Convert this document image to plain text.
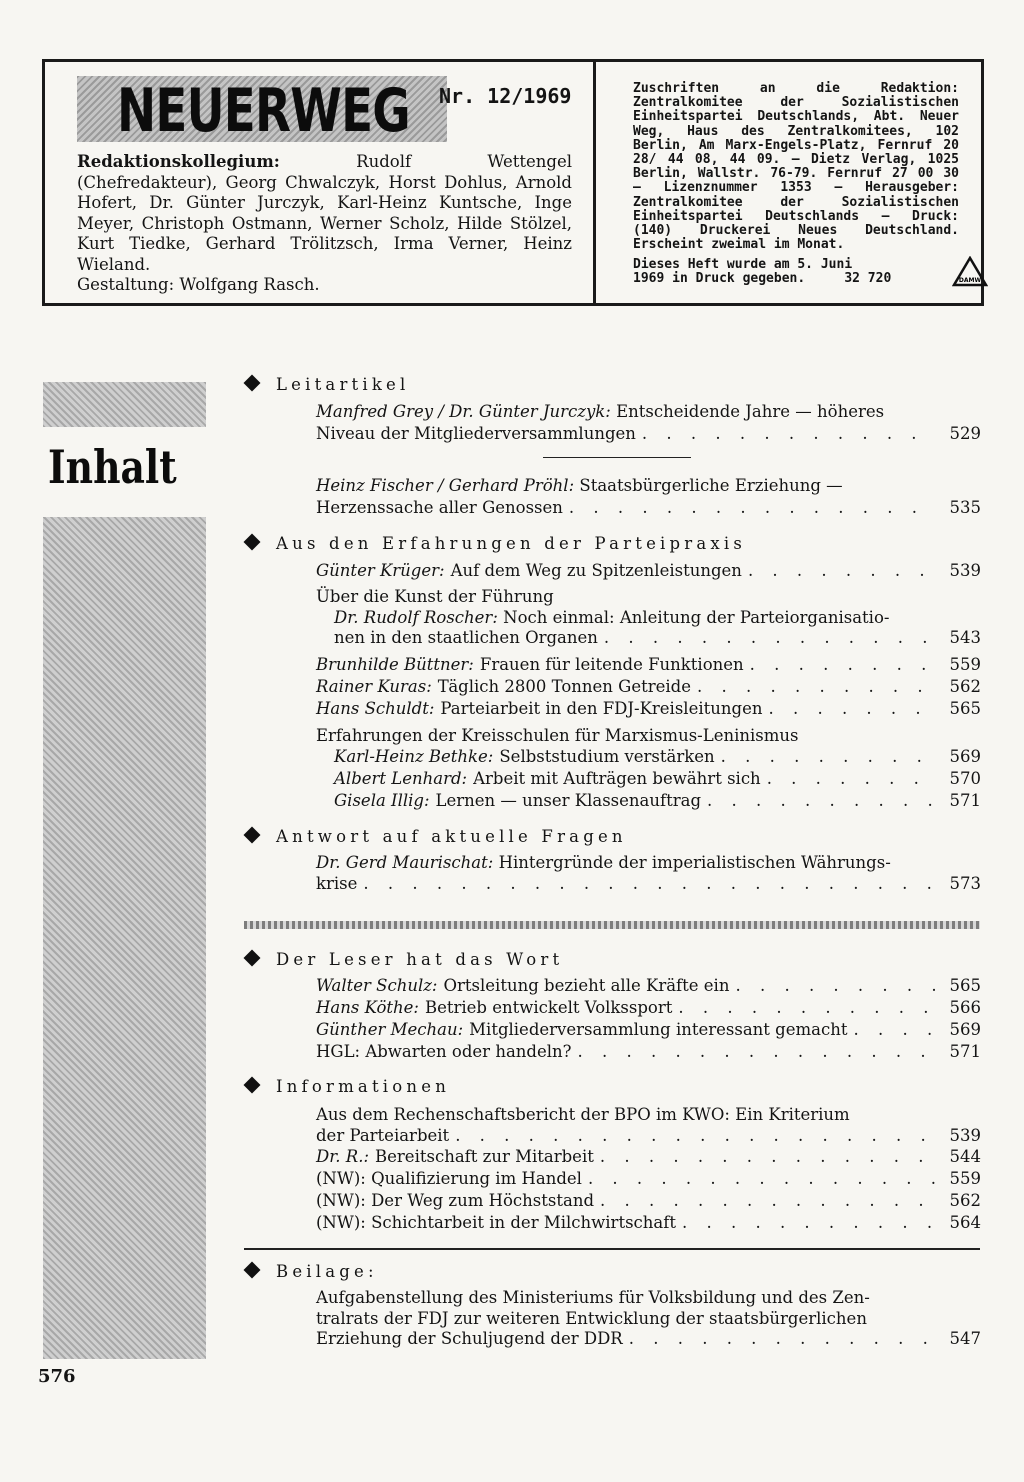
NEUERWEG Nr. 12/1969
Redaktionskollegium:	Rudolf Wettengel (Chefredakteur), Georg Chwalczyk, Horst Dohlus, Arnold Hofert, Dr. Günter Jurczyk, Karl-Heinz Kuntsche, Inge Meyer, Christoph Ostmann, Werner Scholz, Hilde Stölzel, Kurt Tiedke, Gerhard Trölitzsch, Irma Verner, Heinz Wieland.
Gestaltung: Wolfgang Rasch.
Zuschriften an die Redaktion: Zentralkomitee der Sozialistischen Einheitspartei Deutschlands, Abt. Neuer Weg, Haus des Zentralkomitees, 102 Berlin, Am Marx-Engels-Platz, Fernruf 20 28/ 44 08, 44 09. — Dietz Verlag, 1025 Berlin, Wallstr. 76-79. Fernruf 27 00 30 — Lizenznummer 1353 — Herausgeber: Zentralkomitee der Sozialistischen Einheitspartei Deutschlands — Druck: (140) Druckerei Neues Deutschland. Erscheint zweimal im Monat.
Dieses Heft wurde am 5. Juni
1969 in Druck gegeben.	32 720	DAMW
Inhalt
576
Leitartikel
Manfred Grey / Dr. Günter Jurczyk: Entscheidende Jahre — höheres
Niveau der Mitgliederversammlungen . . .	529
Heinz Fischer / Gerhard Pröhl: Staatsbürgerliche Erziehung —
Herzenssache aller Genossen . . .	535
Aus den Erfahrungen der Parteipraxis
Günter Krüger: Auf dem Weg zu Spitzenleistungen . . .	539
Über die Kunst der Führung
Dr. Rudolf Roscher: Noch einmal: Anleitung der Parteiorganisatio-
nen in den staatlichen Organen . . .	543
Brunhilde Büttner: Frauen für leitende Funktionen . . .	559
Rainer Kuras: Täglich 2800 Tonnen Getreide . . .	562
Hans Schuldt: Parteiarbeit in den FDJ-Kreisleitungen . . .	565
Erfahrungen der Kreisschulen für Marxismus-Leninismus
Karl-Heinz Bethke: Selbststudium verstärken . . .	569
Albert Lenhard: Arbeit mit Aufträgen bewährt sich . . .	570
Gisela Illig: Lernen — unser Klassenauftrag . . .	571
Antwort auf aktuelle Fragen
Dr. Gerd Maurischat: Hintergründe der imperialistischen Währungs-
krise . . .	573
Der Leser hat das Wort
Walter Schulz: Ortsleitung bezieht alle Kräfte ein . . .	565
Hans Köthe: Betrieb entwickelt Volkssport . . .	566
Günther Mechau: Mitgliederversammlung interessant gemacht . . .	569
HGL: Abwarten oder handeln? . . .	571
Informationen
Aus dem Rechenschaftsbericht der BPO im KWO: Ein Kriterium
der Parteiarbeit . . .	539
Dr. R.: Bereitschaft zur Mitarbeit . . .	544
(NW): Qualifizierung im Handel . . .	559
(NW): Der Weg zum Höchststand . . .	562
(NW): Schichtarbeit in der Milchwirtschaft . . .	564
Beilage:
Aufgabenstellung des Ministeriums für Volksbildung und des Zen-
tralrats der FDJ zur weiteren Entwicklung der staatsbürgerlichen
Erziehung der Schuljugend der DDR . . .	547
